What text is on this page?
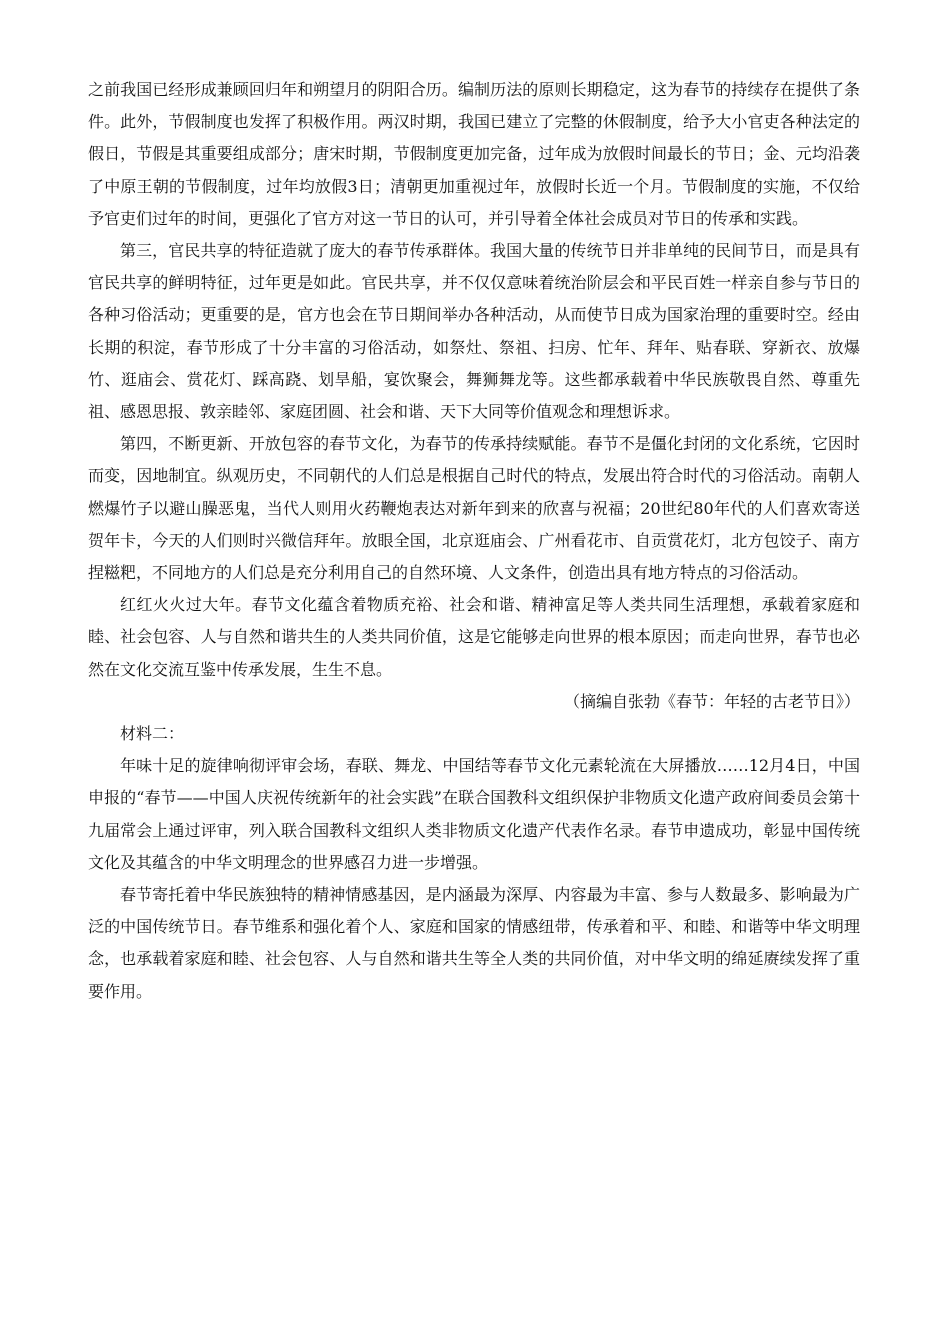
之前我国已经形成兼顾回归年和朔望月的阴阳合历。编制历法的原则长期稳定，这为春节的持续存在提供了条件。此外，节假制度也发挥了积极作用。两汉时期，我国已建立了完整的休假制度，给予大小官吏各种法定的假日，节假是其重要组成部分；唐宋时期，节假制度更加完备，过年成为放假时间最长的节日；金、元均沿袭了中原王朝的节假制度，过年均放假3日；清朝更加重视过年，放假时长近一个月。节假制度的实施，不仅给予官吏们过年的时间，更强化了官方对这一节日的认可，并引导着全体社会成员对节日的传承和实践。

第三，官民共享的特征造就了庞大的春节传承群体。我国大量的传统节日并非单纯的民间节日，而是具有官民共享的鲜明特征，过年更是如此。官民共享，并不仅仅意味着统治阶层会和平民百姓一样亲自参与节日的各种习俗活动；更重要的是，官方也会在节日期间举办各种活动，从而使节日成为国家治理的重要时空。经由长期的积淀，春节形成了十分丰富的习俗活动，如祭灶、祭祖、扫房、忙年、拜年、贴春联、穿新衣、放爆竹、逛庙会、赏花灯、踩高跷、划旱船，宴饮聚会，舞狮舞龙等。这些都承载着中华民族敬畏自然、尊重先祖、感恩思报、敦亲睦邻、家庭团圆、社会和谐、天下大同等价值观念和理想诉求。

第四，不断更新、开放包容的春节文化，为春节的传承持续赋能。春节不是僵化封闭的文化系统，它因时而变，因地制宜。纵观历史，不同朝代的人们总是根据自己时代的特点，发展出符合时代的习俗活动。南朝人燃爆竹子以避山臊恶鬼，当代人则用火药鞭炮表达对新年到来的欣喜与祝福；20世纪80年代的人们喜欢寄送贺年卡，今天的人们则时兴微信拜年。放眼全国，北京逛庙会、广州看花市、自贡赏花灯，北方包饺子、南方捏糍粑，不同地方的人们总是充分利用自己的自然环境、人文条件，创造出具有地方特点的习俗活动。

红红火火过大年。春节文化蕴含着物质充裕、社会和谐、精神富足等人类共同生活理想，承载着家庭和睦、社会包容、人与自然和谐共生的人类共同价值，这是它能够走向世界的根本原因；而走向世界，春节也必然在文化交流互鉴中传承发展，生生不息。

（摘编自张勃《春节：年轻的古老节日》）

材料二：

年味十足的旋律响彻评审会场，春联、舞龙、中国结等春节文化元素轮流在大屏播放……12月4日，中国申报的“春节——中国人庆祝传统新年的社会实践”在联合国教科文组织保护非物质文化遗产政府间委员会第十九届常会上通过评审，列入联合国教科文组织人类非物质文化遗产代表作名录。春节申遗成功，彰显中国传统文化及其蕴含的中华文明理念的世界感召力进一步增强。

春节寄托着中华民族独特的精神情感基因，是内涵最为深厚、内容最为丰富、参与人数最多、影响最为广泛的中国传统节日。春节维系和强化着个人、家庭和国家的情感纽带，传承着和平、和睦、和谐等中华文明理念，也承载着家庭和睦、社会包容、人与自然和谐共生等全人类的共同价值，对中华文明的绵延赓续发挥了重要作用。
